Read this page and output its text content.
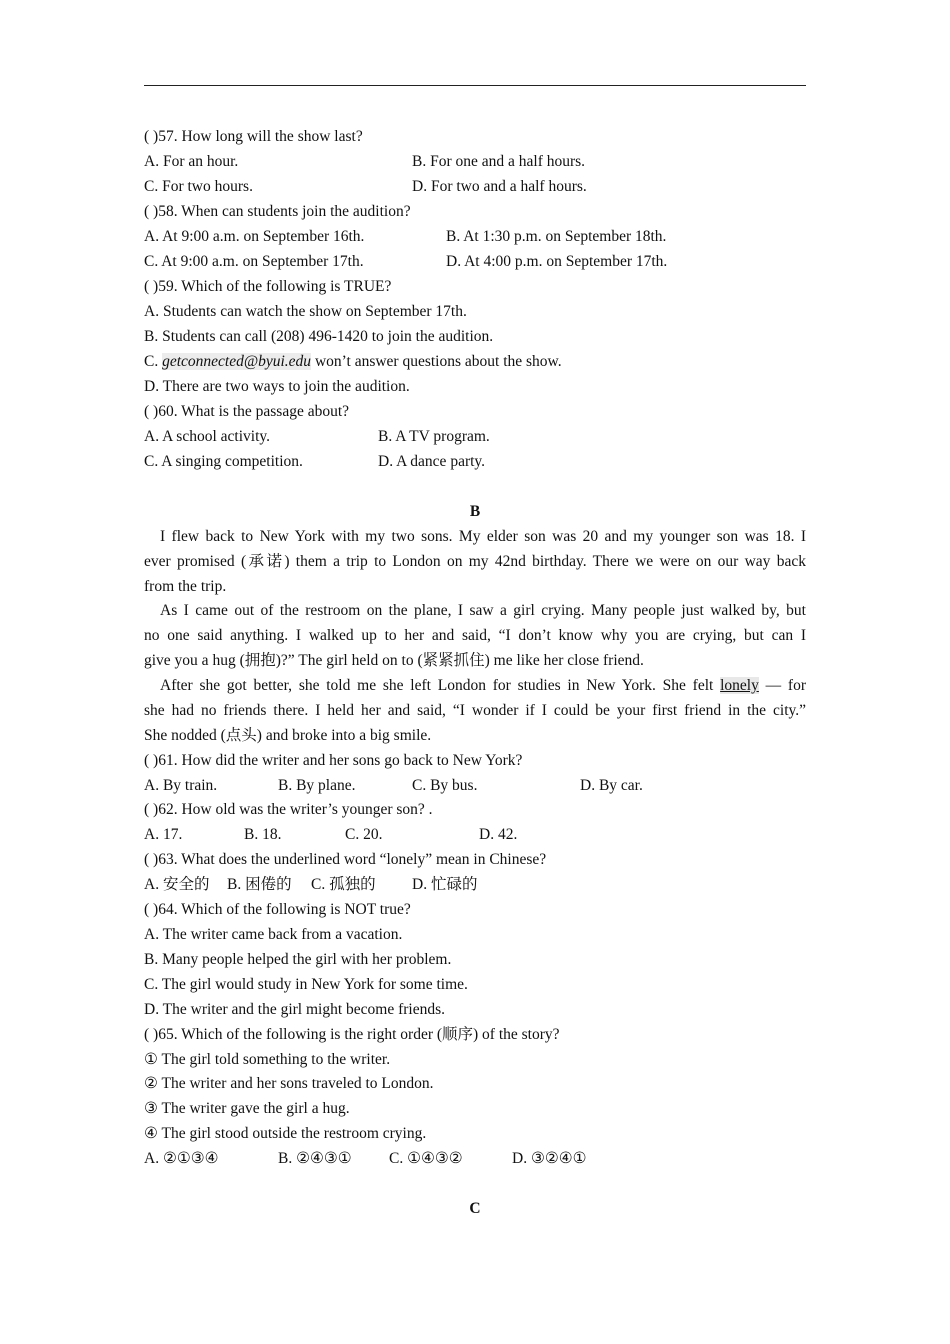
( )57. How long will the show last?
A. For an hour.	B. For one and a half hours.
C. For two hours.	D. For two and a half hours.
( )58. When can students join the audition?
A. At 9:00 a.m. on September 16th.	B. At 1:30 p.m. on September 18th.
C. At 9:00 a.m. on September 17th.	D. At 4:00 p.m. on September 17th.
( )59. Which of the following is TRUE?
A. Students can watch the show on September 17th.
B. Students can call (208) 496-1420 to join the audition.
C. getconnected@byui.edu won’t answer questions about the show.
D. There are two ways to join the audition.
( )60. What is the passage about?
A. A school activity.	B. A TV program.
C. A singing competition.	D. A dance party.
B
I flew back to New York with my two sons. My elder son was 20 and my younger son was 18. I
ever promised (承诺) them a trip to London on my 42nd birthday. There we were on our way back
from the trip.
As I came out of the restroom on the plane, I saw a girl crying. Many people just walked by, but
no one said anything. I walked up to her and said, “I don’t know why you are crying, but can I
give you a hug (拥抱)?” The girl held on to (紧紧抓住) me like her close friend.
After she got better, she told me she left London for studies in New York. She felt lonely — for
she had no friends there. I held her and said, “I wonder if I could be your first friend in the city.”
She nodded (点头) and broke into a big smile.
( )61. How did the writer and her sons go back to New York?
A. By train.	B. By plane.	C. By bus.	D. By car.
( )62. How old was the writer’s younger son? .
A. 17.	B. 18.	C. 20.	D. 42.
( )63. What does the underlined word “lonely” mean in Chinese?
A. 安全的 B. 困倦的 C. 孤独的 D. 忙碌的
( )64. Which of the following is NOT true?
A. The writer came back from a vacation.
B. Many people helped the girl with her problem.
C. The girl would study in New York for some time.
D. The writer and the girl might become friends.
( )65. Which of the following is the right order (顺序) of the story?
① The girl told something to the writer.
② The writer and her sons traveled to London.
③ The writer gave the girl a hug.
④ The girl stood outside the restroom crying.
A. ②①③④	B. ②④③① C. ①④③②	D. ③②④①
C
